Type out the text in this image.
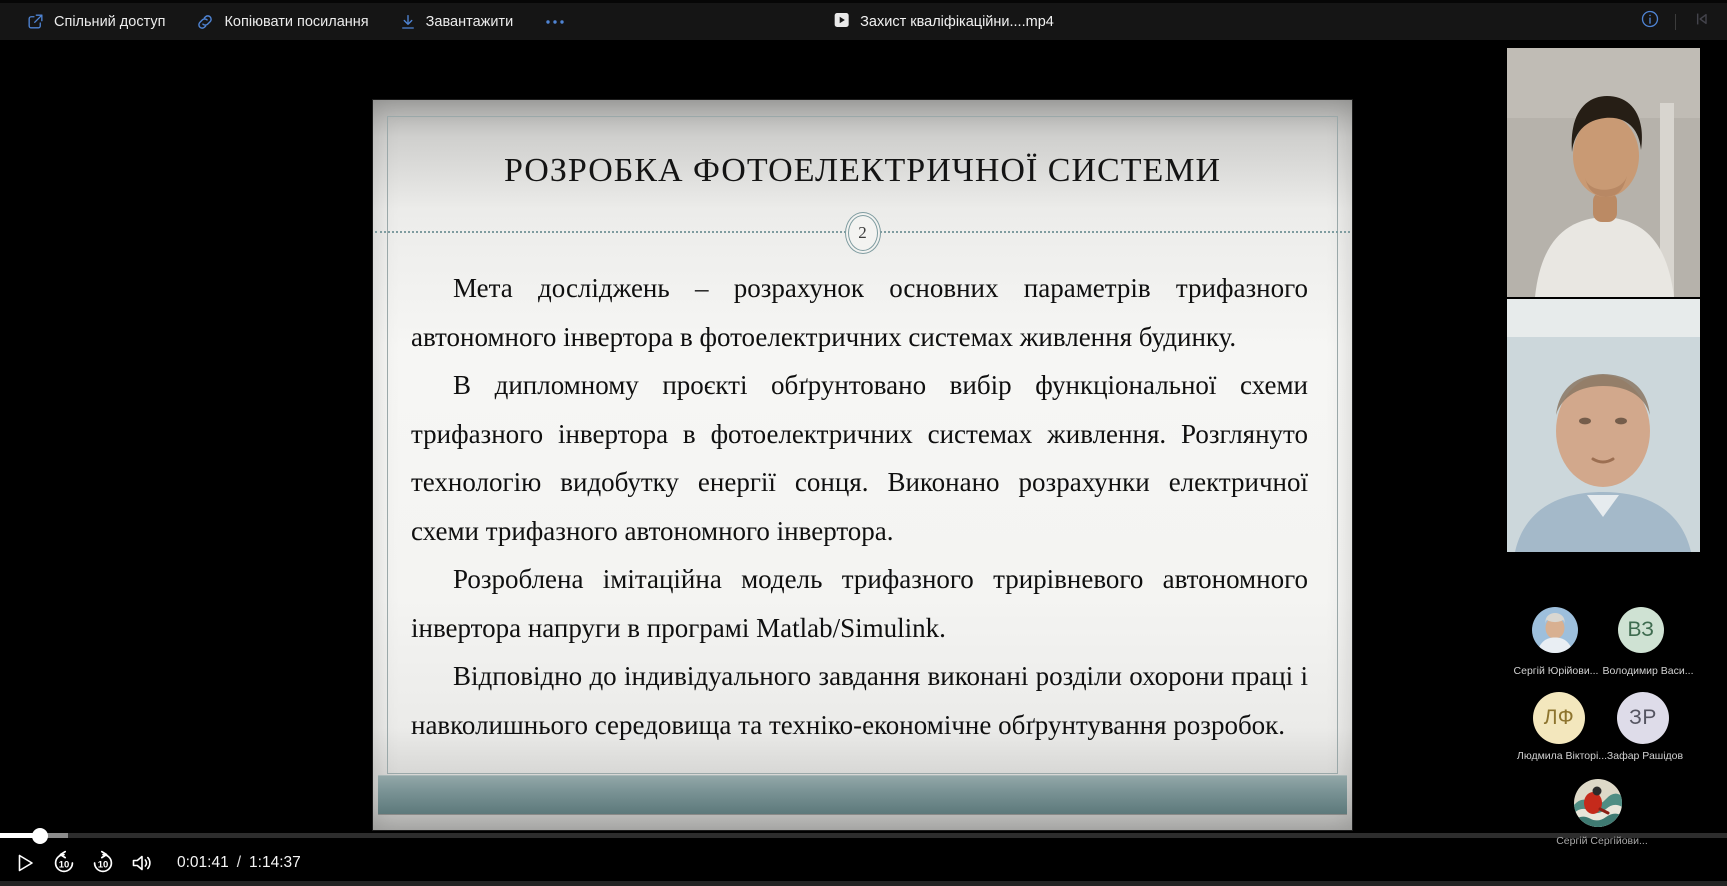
Спільний доступ	Копіювати посилання	Завантажити	Захист кваліфікаційни....mp4
РОЗРОБКА ФОТОЕЛЕКТРИЧНОЇ СИСТЕМИ
2

Мета досліджень – розрахунок основних параметрів трифазного автономного інвертора в фотоелектричних системах живлення будинку.

В дипломному проєкті обґрунтовано вибір функціональної схеми трифазного інвертора в фотоелектричних системах живлення. Розглянуто технологію видобутку енергії сонця. Виконано розрахунки електричної схеми трифазного автономного інвертора.

Розроблена імітаційна модель трифазного трирівневого автономного інвертора напруги в програмі Matlab/Simulink.

Відповідно до індивідуального завдання виконані розділи охорони праці і навколишнього середовища та техніко-економічне обґрунтування розробок.

Сергій Юрійови...
ВЗ
Володимир Васи...
ЛФ
Людмила Вікторі...
ЗР
Зафар Рашідов
Сергій Сергійови...
10	10	0:01:41 / 1:14:37
